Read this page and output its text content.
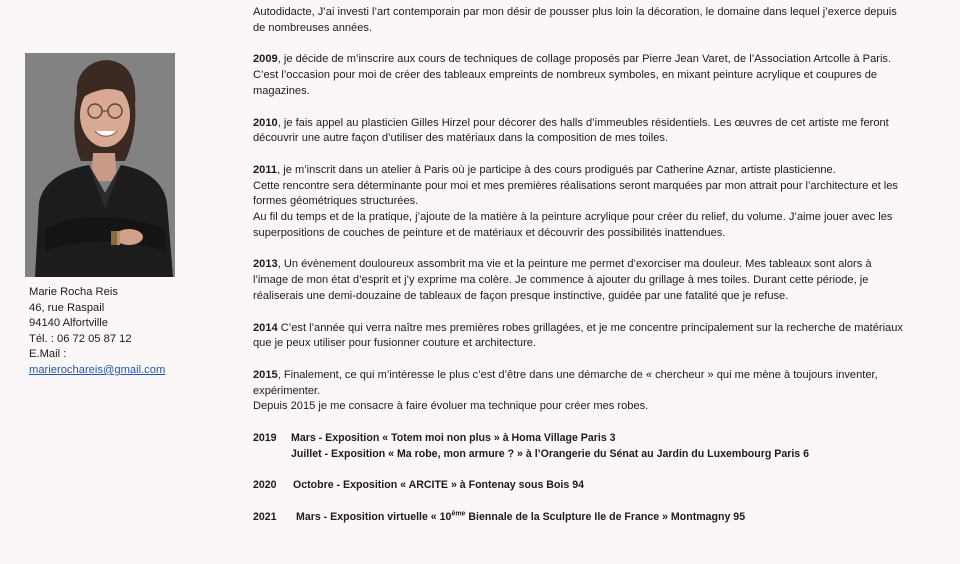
Marie Rocha Reis
46, rue Raspail
94140 Alfortville
Tél. : 06 72 05 87 12
E.Mail :
marierochareis@gmail.com

Autodidacte, J’ai investi l’art contemporain par mon désir de pousser plus loin la décoration, le domaine dans lequel j’exerce depuis
de nombreuses années.

2009, je décide de m’inscrire aux cours de techniques de collage proposés par Pierre Jean Varet, de l’Association Artcolle à Paris.
C’est l’occasion pour moi de créer des tableaux empreints de nombreux symboles, en mixant peinture acrylique et coupures de
magazines.

2010, je fais appel au plasticien Gilles Hirzel pour décorer des halls d’immeubles résidentiels. Les œuvres de cet artiste me feront
découvrir une autre façon d’utiliser des matériaux dans la composition de mes toiles.

2011, je m’inscrit dans un atelier à Paris où je participe à des cours prodigués par Catherine Aznar, artiste plasticienne.
Cette rencontre sera déterminante pour moi et mes premières réalisations seront marquées par mon attrait pour l’architecture et les
formes géométriques structurées.
Au fil du temps et de la pratique, j’ajoute de la matière à la peinture acrylique pour créer du relief, du volume. J’aime jouer avec les
superpositions de couches de peinture et de matériaux et découvrir des possibilités inattendues.

2013, Un évènement douloureux assombrit ma vie et la peinture me permet d’exorciser ma douleur. Mes tableaux sont alors à
l’image de mon état d’esprit et j’y exprime ma colère. Je commence à ajouter du grillage à mes toiles. Durant cette période, je
réaliserais une demi-douzaine de tableaux de façon presque instinctive, guidée par une fatalité que je refuse.

2014 C’est l’année qui verra naître mes premières robes grillagées, et je me concentre principalement sur la recherche de matériaux
que je peux utiliser pour fusionner couture et architecture.

2015, Finalement, ce qui m’intéresse le plus c’est d’être dans une démarche de « chercheur » qui me mène à toujours inventer,
expérimenter.
Depuis 2015 je me consacre à faire évoluer ma technique pour créer mes robes.

2019 Mars - Exposition « Totem moi non plus » à Homa Village Paris 3
Juillet - Exposition « Ma robe, mon armure ? » à l’Orangerie du Sénat au Jardin du Luxembourg Paris 6
2020 Octobre - Exposition « ARCITE » à Fontenay sous Bois 94
2021 Mars - Exposition virtuelle « 10ème Biennale de la Sculpture Ile de France » Montmagny 95
